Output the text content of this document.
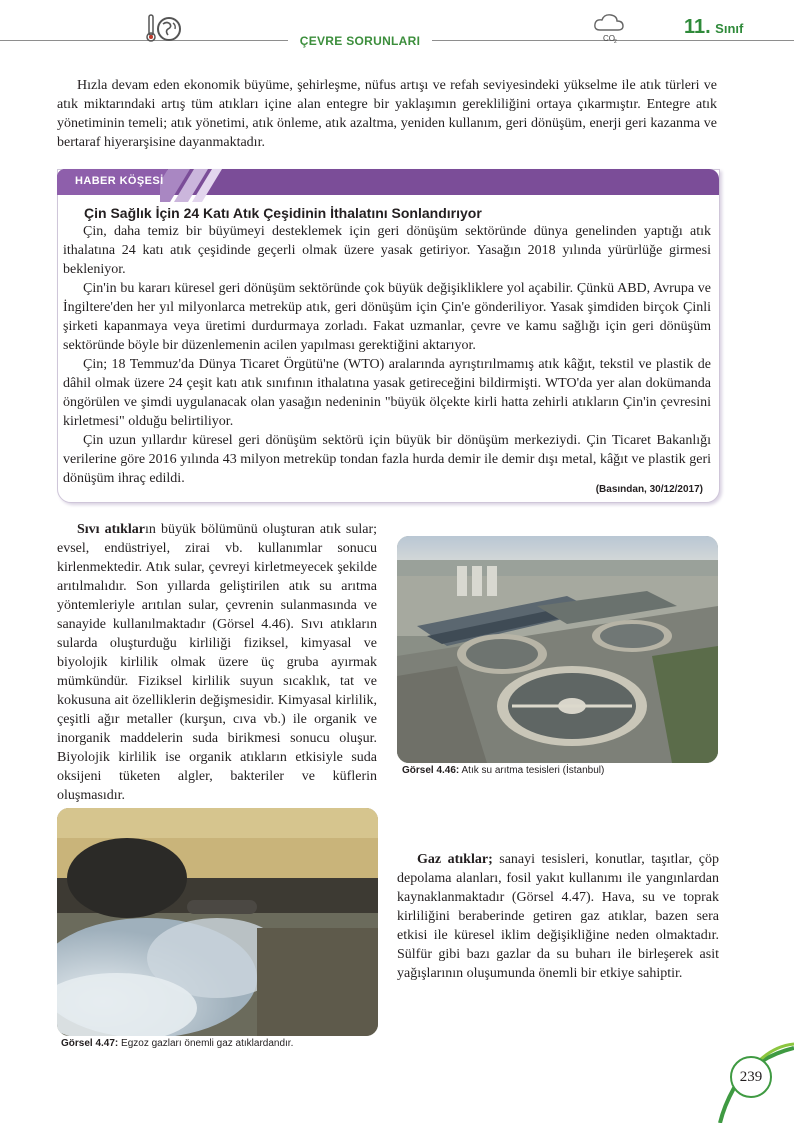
ÇEVRE SORUNLARI	CO 2
11. Sınıf

Hızla devam eden ekonomik büyüme, şehirleşme, nüfus artışı ve refah seviyesindeki yükselme ile atık türleri ve atık miktarındaki artış tüm atıkları içine alan entegre bir yaklaşımın gerekliliğini ortaya çıkarmıştır. Entegre atık yönetiminin temeli; atık yönetimi, atık önleme, atık azaltma, yeniden kullanım, geri dönüşüm, enerji geri kazanma ve bertaraf hiyerarşisine dayanmaktadır.

HABER KÖŞESİ
Çin Sağlık İçin 24 Katı Atık Çeşidinin İthalatını Sonlandırıyor

Çin, daha temiz bir büyümeyi desteklemek için geri dönüşüm sektöründe dünya genelinden yaptığı atık ithalatına 24 katı atık çeşidinde geçerli olmak üzere yasak getiriyor. Yasağın 2018 yılında yürürlüğe girmesi bekleniyor.

Çin'in bu kararı küresel geri dönüşüm sektöründe çok büyük değişikliklere yol açabilir. Çünkü ABD, Avrupa ve İngiltere'den her yıl milyonlarca metreküp atık, geri dönüşüm için Çin'e gönderiliyor. Yasak şimdiden birçok Çinli şirketi kapanmaya veya üretimi durdurmaya zorladı. Fakat uzmanlar, çevre ve kamu sağlığı için geri dönüşüm sektöründe böyle bir düzenlemenin acilen yapılması gerektiğini aktarıyor.

Çin; 18 Temmuz'da Dünya Ticaret Örgütü'ne (WTO) aralarında ayrıştırılmamış atık kâğıt, tekstil ve plastik de dâhil olmak üzere 24 çeşit katı atık sınıfının ithalatına yasak getireceğini bildirmişti. WTO'da yer alan dokümanda öngörülen ve şimdi uygulanacak olan yasağın nedeninin "büyük ölçekte kirli hatta zehirli atıkların Çin'in çevresini kirletmesi" olduğu belirtiliyor.

Çin uzun yıllardır küresel geri dönüşüm sektörü için büyük bir dönüşüm merkeziydi. Çin Ticaret Bakanlığı verilerine göre 2016 yılında 43 milyon metreküp tondan fazla hurda demir ile demir dışı metal, kâğıt ve plastik geri dönüşüm ihraç edildi.

(Basından, 30/12/2017)

Sıvı atıkların büyük bölümünü oluşturan atık sular; evsel, endüstriyel, zirai vb. kullanımlar sonucu kirlenmektedir. Atık sular, çevreyi kirletmeyecek şekilde arıtılmalıdır. Son yıllarda geliştirilen atık su arıtma yöntemleriyle arıtılan sular, çevrenin sulanmasında ve sanayide kullanılmaktadır (Görsel 4.46). Sıvı atıkların sularda oluşturduğu kirliliği fiziksel, kimyasal ve biyolojik kirlilik olmak üzere üç gruba ayırmak mümkündür. Fiziksel kirlilik suyun sıcaklık, tat ve kokusuna ait özelliklerin değişmesidir. Kimyasal kirlilik, çeşitli ağır metaller (kurşun, cıva vb.) ile organik ve inorganik maddelerin suda birikmesi sonucu oluşur. Biyolojik kirlilik ise organik atıkların etkisiyle suda oksijeni tüketen algler, bakteriler ve küflerin oluşmasıdır.

Görsel 4.46: Atık su arıtma tesisleri (İstanbul)
Görsel 4.47: Egzoz gazları önemli gaz atıklardandır.

Gaz atıklar; sanayi tesisleri, konutlar, taşıtlar, çöp depolama alanları, fosil yakıt kullanımı ile yangınlardan kaynaklanmaktadır (Görsel 4.47). Hava, su ve toprak kirliliğini beraberinde getiren gaz atıklar, bazen sera etkisi ile küresel iklim değişikliğine neden olmaktadır. Sülfür gibi bazı gazlar da su buharı ile birleşerek asit yağışlarının oluşumunda önemli bir etkiye sahiptir.

239
